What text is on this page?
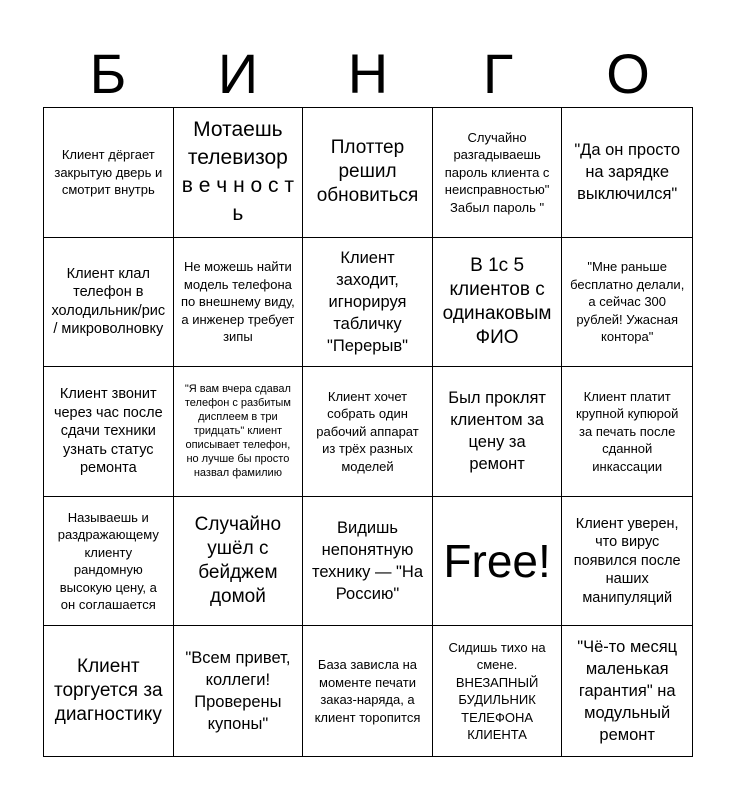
Б	И	Н	Г	О
Клиент дёргает закрытую дверь и смотрит внутрь
Мотаешь телевизор в е ч н о с т ь
Плоттер решил обновиться
Случайно разгадываешь пароль клиента с неисправностью" Забыл пароль "
"Да он просто на зарядке выключился"
Клиент клал телефон в холодильник/рис / микроволновку
Не можешь найти модель телефона по внешнему виду, а инженер требует зипы
Клиент заходит, игнорируя табличку "Перерыв"
В 1с 5 клиентов с одинаковым ФИО
"Мне раньше бесплатно делали, а сейчас 300 рублей! Ужасная контора"
Клиент звонит через час после сдачи техники узнать статус ремонта
"Я вам вчера сдавал телефон с разбитым дисплеем в три тридцать" клиент описывает телефон, но лучше бы просто назвал фамилию
Клиент хочет собрать один рабочий аппарат из трёх разных моделей
Был проклят клиентом за цену за ремонт
Клиент платит крупной купюрой за печать после сданной инкассации
Называешь и раздражающему клиенту рандомную высокую цену, а он соглашается
Случайно ушёл с бейджем домой
Видишь непонятную технику — "На Россию"
Free!
Клиент уверен, что вирус появился после наших манипуляций
Клиент торгуется за диагностику
"Всем привет, коллеги! Проверены купоны"
База зависла на моменте печати заказ-наряда, а клиент торопится
Сидишь тихо на смене. ВНЕЗАПНЫЙ БУДИЛЬНИК ТЕЛЕФОНА КЛИЕНТА
"Чё-то месяц маленькая гарантия" на модульный ремонт
